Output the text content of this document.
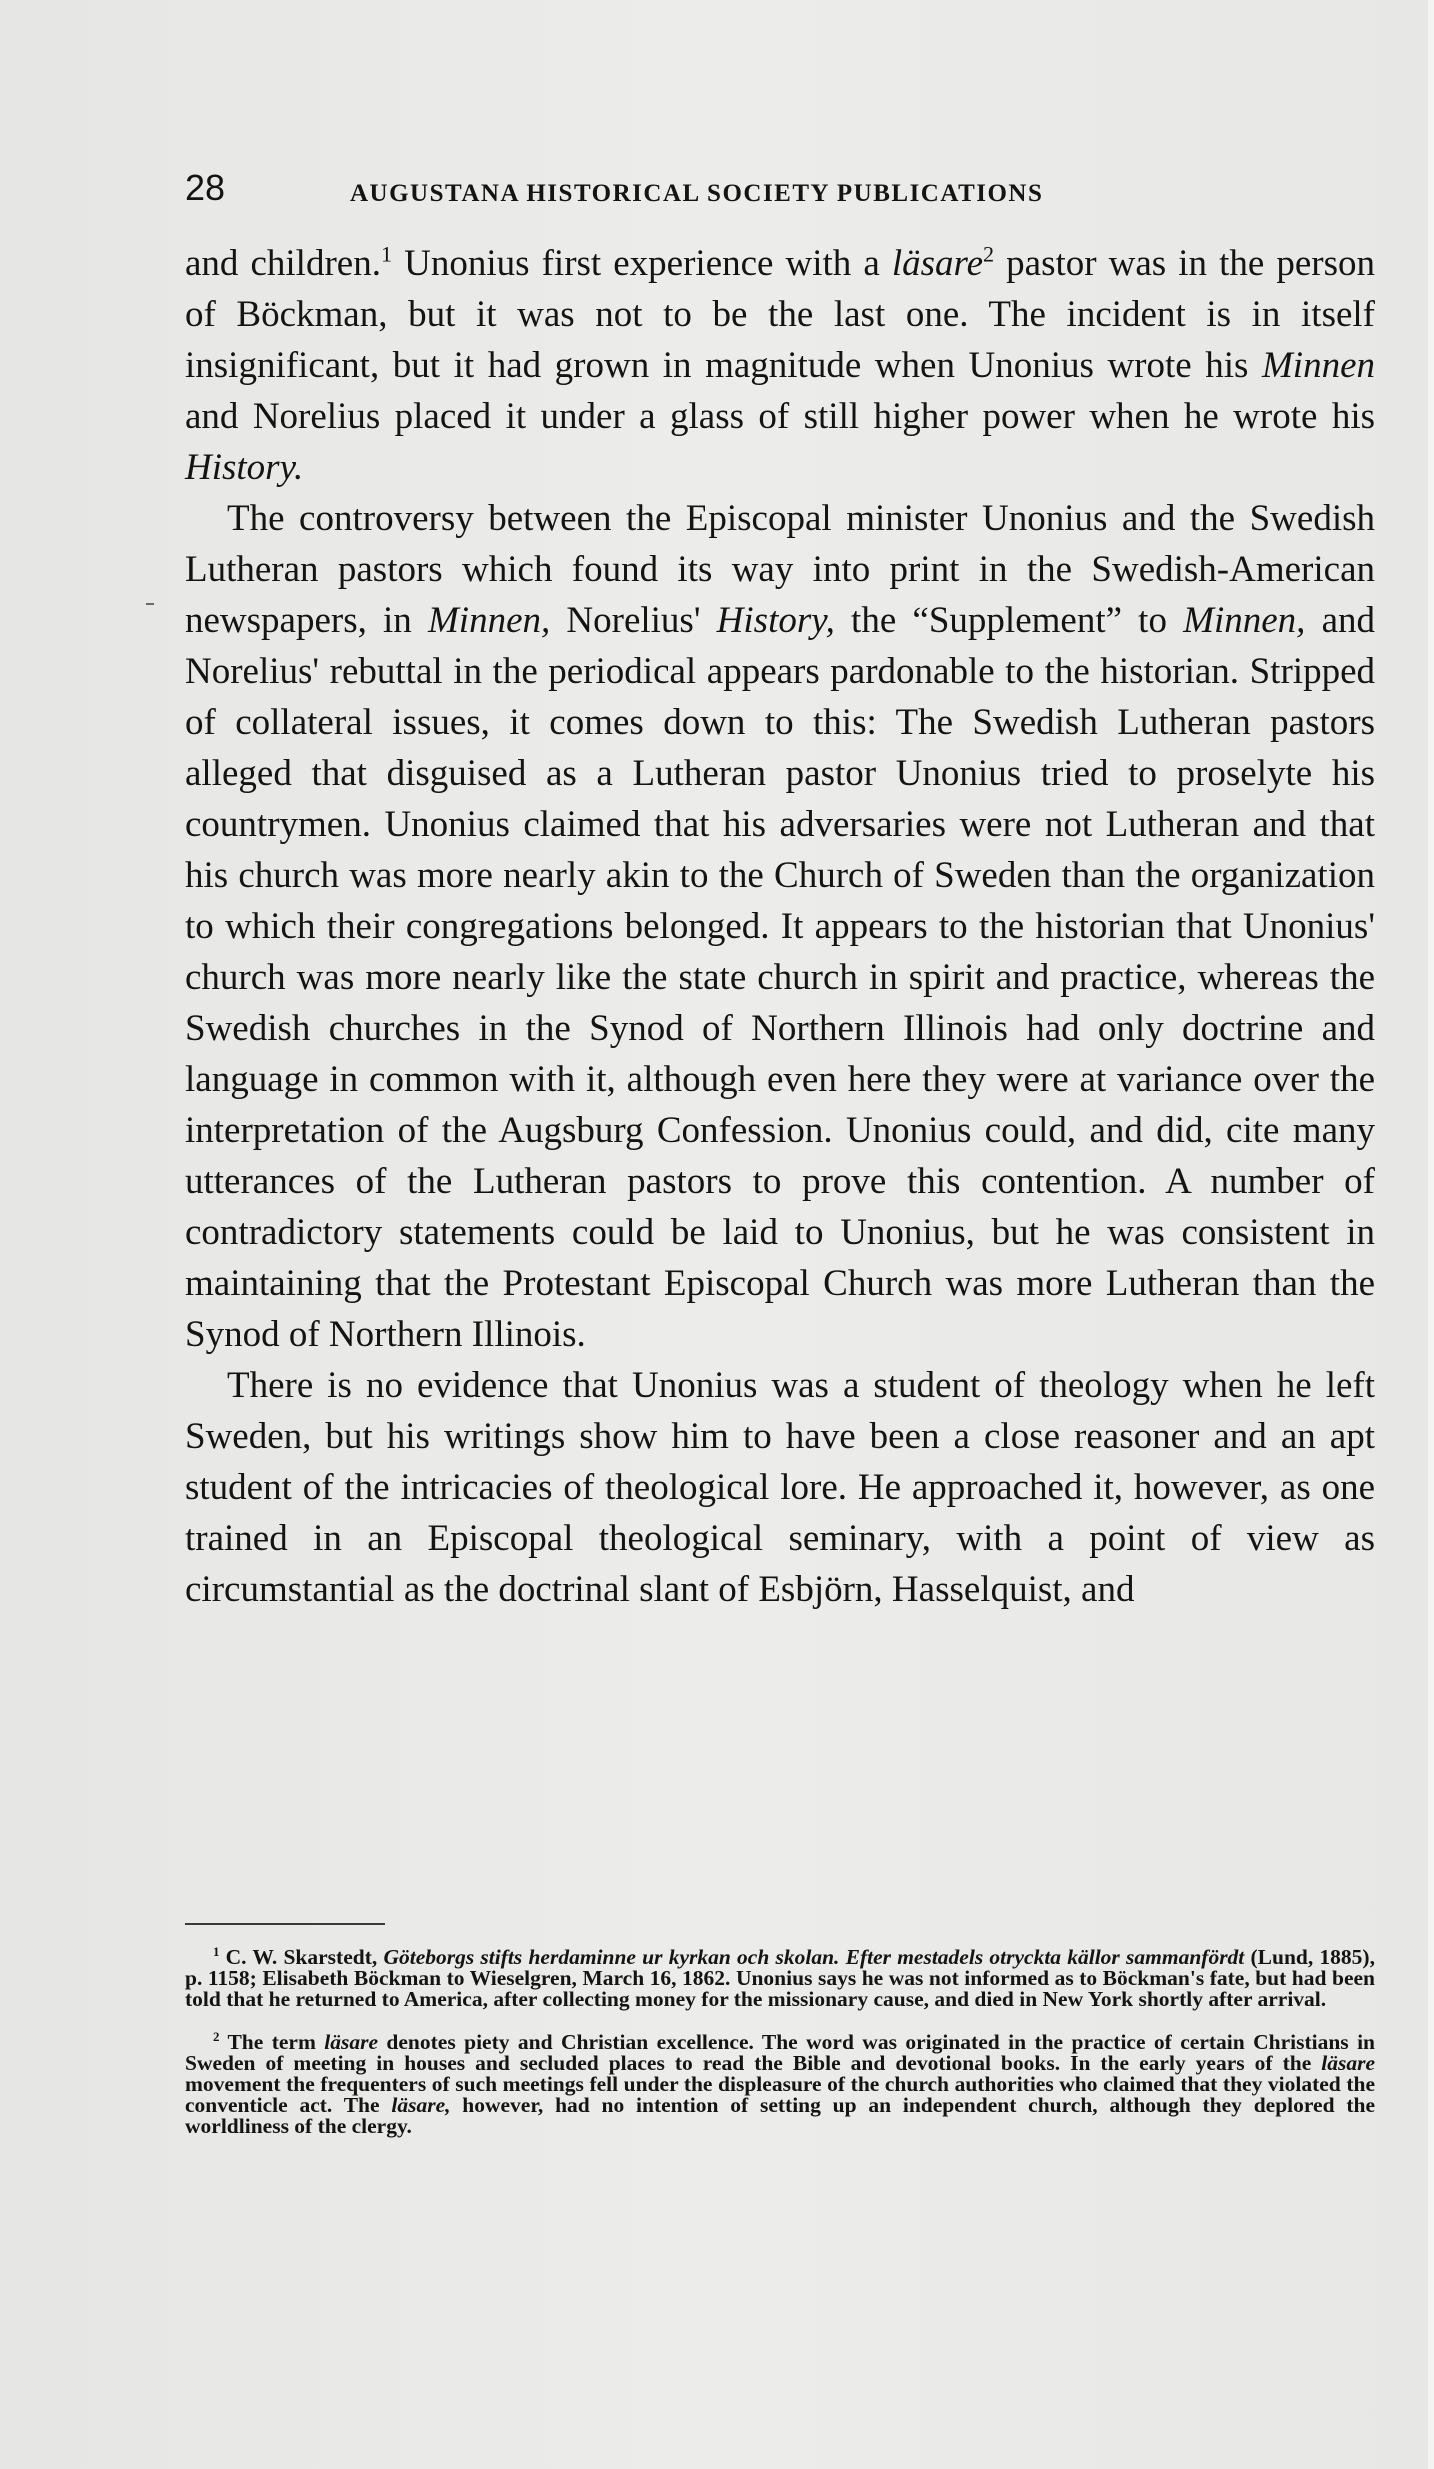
28	AUGUSTANA HISTORICAL SOCIETY PUBLICATIONS

and children.$^1$ Unonius first experience with a läsare$^2$ pastor was in the person of Böckman, but it was not to be the last one. The incident is in itself insignificant, but it had grown in magnitude when Unonius wrote his Minnen and Norelius placed it under a glass of still higher power when he wrote his History.

The controversy between the Episcopal minister Unonius and the Swedish Lutheran pastors which found its way into print in the Swedish-American newspapers, in Minnen, Norelius' History, the “Supplement” to Minnen, and Norelius' rebuttal in the periodical appears pardonable to the historian. Stripped of collateral issues, it comes down to this: The Swedish Lutheran pastors alleged that disguised as a Lutheran pastor Unonius tried to proselyte his countrymen. Unonius claimed that his adversaries were not Lutheran and that his church was more nearly akin to the Church of Sweden than the organization to which their congregations belonged. It appears to the historian that Unonius' church was more nearly like the state church in spirit and practice, whereas the Swedish churches in the Synod of Northern Illinois had only doctrine and language in common with it, although even here they were at variance over the interpretation of the Augsburg Confession. Unonius could, and did, cite many utterances of the Lutheran pastors to prove this contention. A number of contradictory statements could be laid to Unonius, but he was consistent in maintaining that the Protestant Episcopal Church was more Lutheran than the Synod of Northern Illinois.

There is no evidence that Unonius was a student of theology when he left Sweden, but his writings show him to have been a close reasoner and an apt student of the intricacies of theological lore. He approached it, however, as one trained in an Episcopal theological seminary, with a point of view as circumstantial as the doctrinal slant of Esbjörn, Hasselquist, and

$^1$ C. W. Skarstedt, Göteborgs stifts herdaminne ur kyrkan och skolan. Efter mestadels otryckta källor sammanfördt (Lund, 1885), p. 1158; Elisabeth Böckman to Wieselgren, March 16, 1862. Unonius says he was not informed as to Böckman's fate, but had been told that he returned to America, after collecting money for the missionary cause, and died in New York shortly after arrival.

$^2$ The term läsare denotes piety and Christian excellence. The word was originated in the practice of certain Christians in Sweden of meeting in houses and secluded places to read the Bible and devotional books. In the early years of the läsare movement the frequenters of such meetings fell under the displeasure of the church authorities who claimed that they violated the conventicle act. The läsare, however, had no intention of setting up an independent church, although they deplored the worldliness of the clergy.
